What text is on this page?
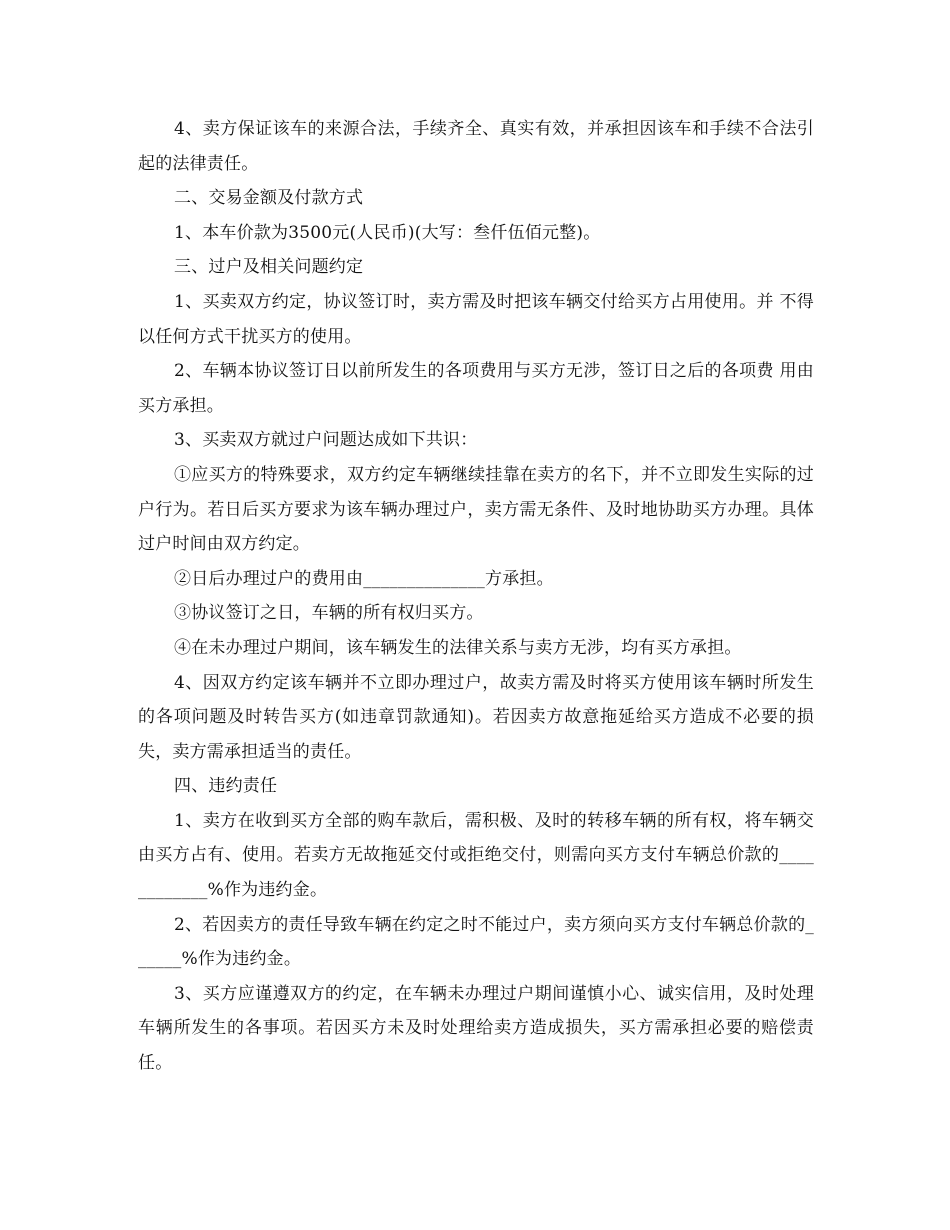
4、卖方保证该车的来源合法，手续齐全、真实有效，并承担因该车和手续不合法引起的法律责任。

二、交易金额及付款方式

1、本车价款为3500元(人民币)(大写：叁仟伍佰元整)。

三、过户及相关问题约定

1、买卖双方约定，协议签订时，卖方需及时把该车辆交付给买方占用使用。并 不得以任何方式干扰买方的使用。

2、车辆本协议签订日以前所发生的各项费用与买方无涉，签订日之后的各项费 用由买方承担。

3、买卖双方就过户问题达成如下共识：

①应买方的特殊要求，双方约定车辆继续挂靠在卖方的名下，并不立即发生实际的过户行为。若日后买方要求为该车辆办理过户，卖方需无条件、及时地协助买方办理。具体过户时间由双方约定。

②日后办理过户的费用由______________方承担。

③协议签订之日，车辆的所有权归买方。

④在未办理过户期间，该车辆发生的法律关系与卖方无涉，均有买方承担。

4、因双方约定该车辆并不立即办理过户，故卖方需及时将买方使用该车辆时所发生的各项问题及时转告买方(如违章罚款通知)。若因卖方故意拖延给买方造成不必要的损失，卖方需承担适当的责任。

四、违约责任

1、卖方在收到买方全部的购车款后，需积极、及时的转移车辆的所有权，将车辆交由买方占有、使用。若卖方无故拖延交付或拒绝交付，则需向买方支付车辆总价款的____________%作为违约金。

2、若因卖方的责任导致车辆在约定之时不能过户，卖方须向买方支付车辆总价款的______%作为违约金。

3、买方应谨遵双方的约定，在车辆未办理过户期间谨慎小心、诚实信用，及时处理车辆所发生的各事项。若因买方未及时处理给卖方造成损失，买方需承担必要的赔偿责任。
